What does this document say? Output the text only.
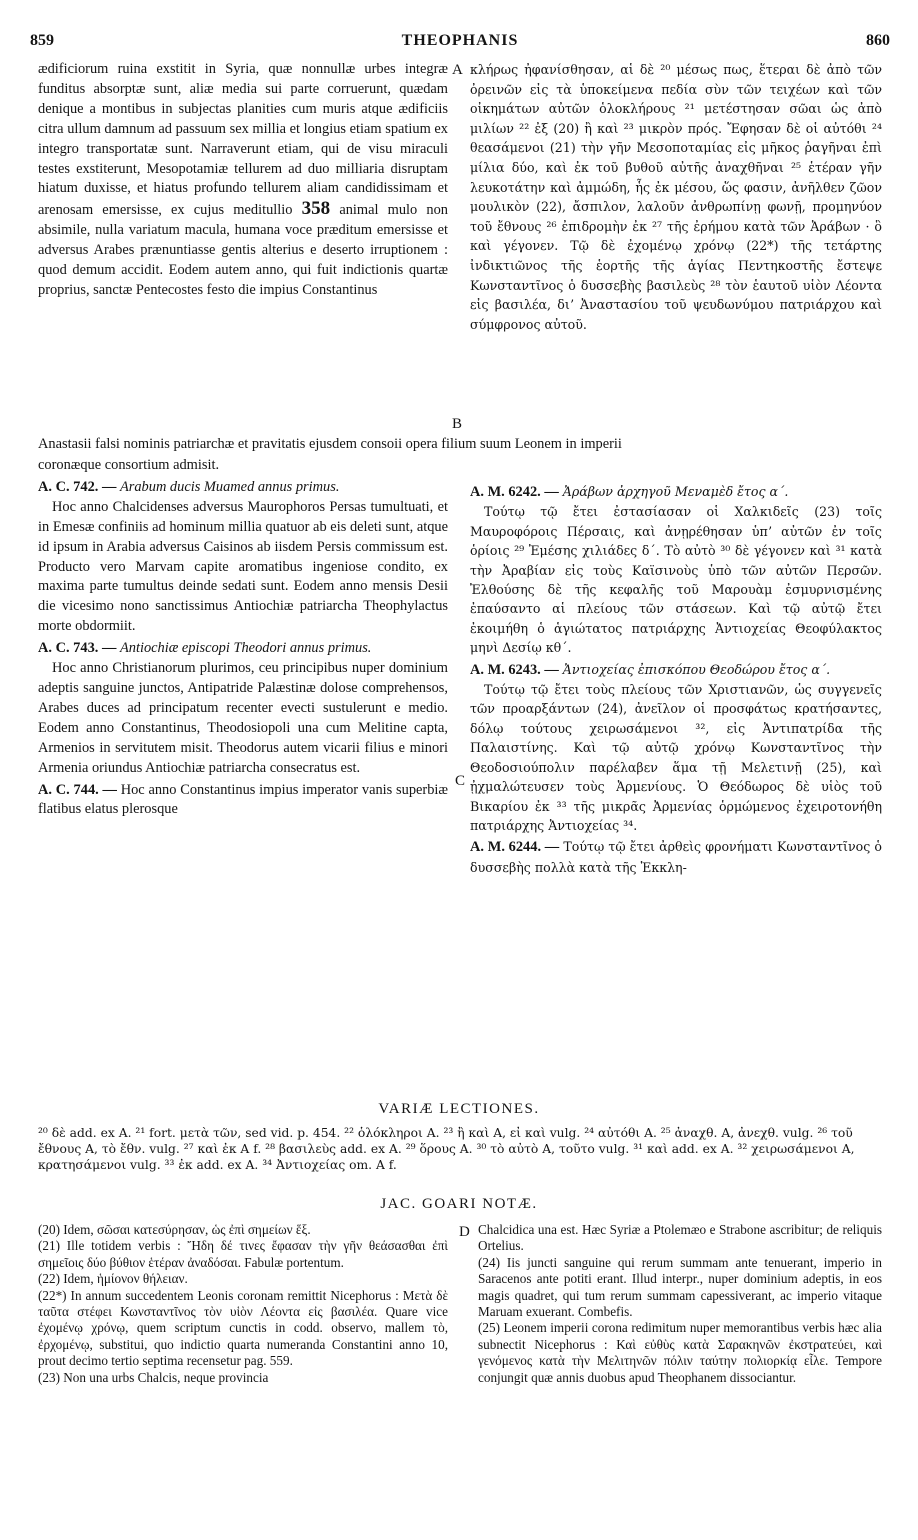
859	THEOPHANIS	860
A
B
C
D

ædificiorum ruina exstitit in Syria, quæ nonnullæ urbes integræ funditus absorptæ sunt, aliæ media sui parte corruerunt, quædam denique a montibus in subjectas planities cum muris atque ædificiis citra ullum damnum ad passuum sex millia et longius etiam spatium ex integro transportatæ sunt. Narraverunt etiam, qui de visu miraculi testes exstiterunt, Mesopotamiæ tellurem ad duo milliaria disruptam hiatum duxisse, et hiatus profundo tellurem aliam candidissimam et arenosam emersisse, ex cujus meditullio 358 animal mulo non absimile, nulla variatum macula, humana voce præditum emersisse et adversus Arabes prænuntiasse gentis alterius e deserto irruptionem : quod demum accidit. Eodem autem anno, qui fuit indictionis quartæ proprius, sanctæ Pentecostes festo die impius Constantinus

κλήρως ἠφανίσθησαν, αἱ δὲ ²⁰ μέσως πως, ἕτεραι δὲ ἀπὸ τῶν ὀρεινῶν εἰς τὰ ὑποκείμενα πεδία σὺν τῶν τειχέων καὶ τῶν οἰκημάτων αὐτῶν ὁλοκλήρους ²¹ μετέστησαν σῶαι ὡς ἀπὸ μιλίων ²² ἐξ (20) ἢ καὶ ²³ μικρὸν πρός. Ἔφησαν δὲ οἱ αὐτόθι ²⁴ θεασάμενοι (21) τὴν γῆν Μεσοποταμίας εἰς μῆκος ῥαγῆναι ἐπὶ μίλια δύο, καὶ ἐκ τοῦ βυθοῦ αὐτῆς ἀναχθῆναι ²⁵ ἑτέραν γῆν λευκοτάτην καὶ ἀμμώδη, ἧς ἐκ μέσου, ὥς φασιν, ἀνῆλθεν ζῶον μουλικὸν (22), ἄσπιλον, λαλοῦν ἀνθρωπίνῃ φωνῇ, προμηνύον τοῦ ἔθνους ²⁶ ἐπιδρομὴν ἐκ ²⁷ τῆς ἐρήμου κατὰ τῶν Ἀράβων · ὃ καὶ γέγονεν. Τῷ δὲ ἐχομένῳ χρόνῳ (22*) τῆς τετάρτης ἰνδικτιῶνος τῆς ἑορτῆς τῆς ἁγίας Πεντηκοστῆς ἔστεψε Κωνσταντῖνος ὁ δυσσεβὴς βασιλεὺς ²⁸ τὸν ἑαυτοῦ υἱὸν Λέοντα εἰς βασιλέα, διʼ Ἀναστασίου τοῦ ψευδωνύμου πατριάρχου καὶ σύμφρονος αὐτοῦ.

Anastasii falsi nominis patriarchæ et pravitatis ejusdem consoii opera filium suum Leonem in imperii

coronæque consortium admisit.

A. C. 742. — Arabum ducis Muamed annus primus.

Hoc anno Chalcidenses adversus Maurophoros Persas tumultuati, et in Emesæ confiniis ad hominum millia quatuor ab eis deleti sunt, atque id ipsum in Arabia adversus Caisinos ab iisdem Persis commissum est. Producto vero Marvam capite aromatibus ingeniose condito, ex maxima parte tumultus deinde sedati sunt. Eodem anno mensis Desii die vicesimo nono sanctissimus Antiochiæ patriarcha Theophylactus morte obdormiit.

A. C. 743. — Antiochiæ episcopi Theodori annus primus.

Hoc anno Christianorum plurimos, ceu principibus nuper dominium adeptis sanguine junctos, Antipatride Palæstinæ dolose comprehensos, Arabes duces ad principatum recenter evecti sustulerunt e medio. Eodem anno Constantinus, Theodosiopoli una cum Melitine capta, Armenios in servitutem misit. Theodorus autem vicarii filius e minori Armenia oriundus Antiochiæ patriarcha consecratus est.

A. C. 744. — Hoc anno Constantinus impius imperator vanis superbiæ flatibus elatus plerosque

A. M. 6242. — Ἀράβων ἀρχηγοῦ Μεναμὲδ ἔτος α΄.

Τούτῳ τῷ ἔτει ἐστασίασαν οἱ Χαλκιδεῖς (23) τοῖς Μαυροφόροις Πέρσαις, καὶ ἀνῃρέθησαν ὑπʼ αὐτῶν ἐν τοῖς ὁρίοις ²⁹ Ἐμέσης χιλιάδες δ΄. Τὸ αὐτὸ ³⁰ δὲ γέγονεν καὶ ³¹ κατὰ τὴν Ἀραβίαν εἰς τοὺς Καϊσινοὺς ὑπὸ τῶν αὐτῶν Περσῶν. Ἐλθούσης δὲ τῆς κεφαλῆς τοῦ Μαρουὰμ ἐσμυρνισμένης ἐπαύσαντο αἱ πλείους τῶν στάσεων. Καὶ τῷ αὐτῷ ἔτει ἐκοιμήθη ὁ ἁγιώτατος πατριάρχης Ἀντιοχείας Θεοφύλακτος μηνὶ Δεσίῳ κθ΄.

A. M. 6243. — Ἀντιοχείας ἐπισκόπου Θεοδώρου ἔτος α΄.

Τούτῳ τῷ ἔτει τοὺς πλείους τῶν Χριστιανῶν, ὡς συγγενεῖς τῶν προαρξάντων (24), ἀνεῖλον οἱ προσφάτως κρατήσαντες, δόλῳ τούτους χειρωσάμενοι ³², εἰς Ἀντιπατρίδα τῆς Παλαιστίνης. Καὶ τῷ αὐτῷ χρόνῳ Κωνσταντῖνος τὴν Θεοδοσιούπολιν παρέλαβεν ἅμα τῇ Μελετινῇ (25), καὶ ᾐχμαλώτευσεν τοὺς Ἀρμενίους. Ὁ Θεόδωρος δὲ υἱὸς τοῦ Βικαρίου ἐκ ³³ τῆς μικρᾶς Ἀρμενίας ὁρμώμενος ἐχειροτονήθη πατριάρχης Ἀντιοχείας ³⁴.

A. M. 6244. — Τούτῳ τῷ ἔτει ἀρθεὶς φρονήματι Κωνσταντῖνος ὁ δυσσεβὴς πολλὰ κατὰ τῆς Ἐκκλη-

VARIÆ LECTIONES.
²⁰ δὲ add. ex A. ²¹ fort. μετὰ τῶν, sed vid. p. 454. ²² ὁλόκληροι A. ²³ ἢ καὶ A, εἰ καὶ vulg. ²⁴ αὐτόθι A. ²⁵ ἀναχθ. A, ἀνεχθ. vulg. ²⁶ τοῦ ἔθνους A, τὸ ἔθν. vulg. ²⁷ καὶ ἐκ A f. ²⁸ βασιλεὺς add. ex A. ²⁹ ὅρους A. ³⁰ τὸ αὐτὸ A, τοῦτο vulg. ³¹ καὶ add. ex A. ³² χειρωσάμενοι A, κρατησάμενοι vulg. ³³ ἐκ add. ex A. ³⁴ Ἀντιοχείας om. A f.
JAC. GOARI NOTÆ.

(20) Idem, σῶσαι κατεσύρησαν, ὡς ἐπὶ σημείων ἕξ.

(21) Ille totidem verbis : Ἤδη δέ τινες ἔφασαν τὴν γῆν θεάσασθαι ἐπὶ σημεῖοις δύο βύθιον ἑτέραν ἀναδόσαι. Fabulæ portentum.

(22) Idem, ἡμίονον θήλειαν.

(22*) In annum succedentem Leonis coronam remittit Nicephorus : Μετὰ δὲ ταῦτα στέφει Κωνσταντῖνος τὸν υἱὸν Λέοντα εἰς βασιλέα. Quare vice ἐχομένῳ χρόνῳ, quem scriptum cunctis in codd. observo, mallem τὸ, ἐρχομένῳ, substitui, quo indictio quarta numeranda Constantini anno 10, prout decimo tertio septima recensetur pag. 559.

(23) Non una urbs Chalcis, neque provincia

Chalcidica una est. Hæc Syriæ a Ptolemæo e Strabone ascribitur; de reliquis Ortelius.

(24) Iis juncti sanguine qui rerum summam ante tenuerant, imperio in Saracenos ante potiti erant. Illud interpr., nuper dominium adeptis, in eos magis quadret, qui tum rerum summam capessiverant, ac imperio vitaque Maruam exuerant. Combefis.

(25) Leonem imperii corona redimitum nuper memorantibus verbis hæc alia subnectit Nicephorus : Καὶ εὐθὺς κατὰ Σαρακηνῶν ἐκστρατεύει, καὶ γενόμενος κατὰ τὴν Μελιτηνῶν πόλιν ταύτην πολιορκίᾳ εἷλε. Tempore conjungit quæ annis duobus apud Theophanem dissociantur.
